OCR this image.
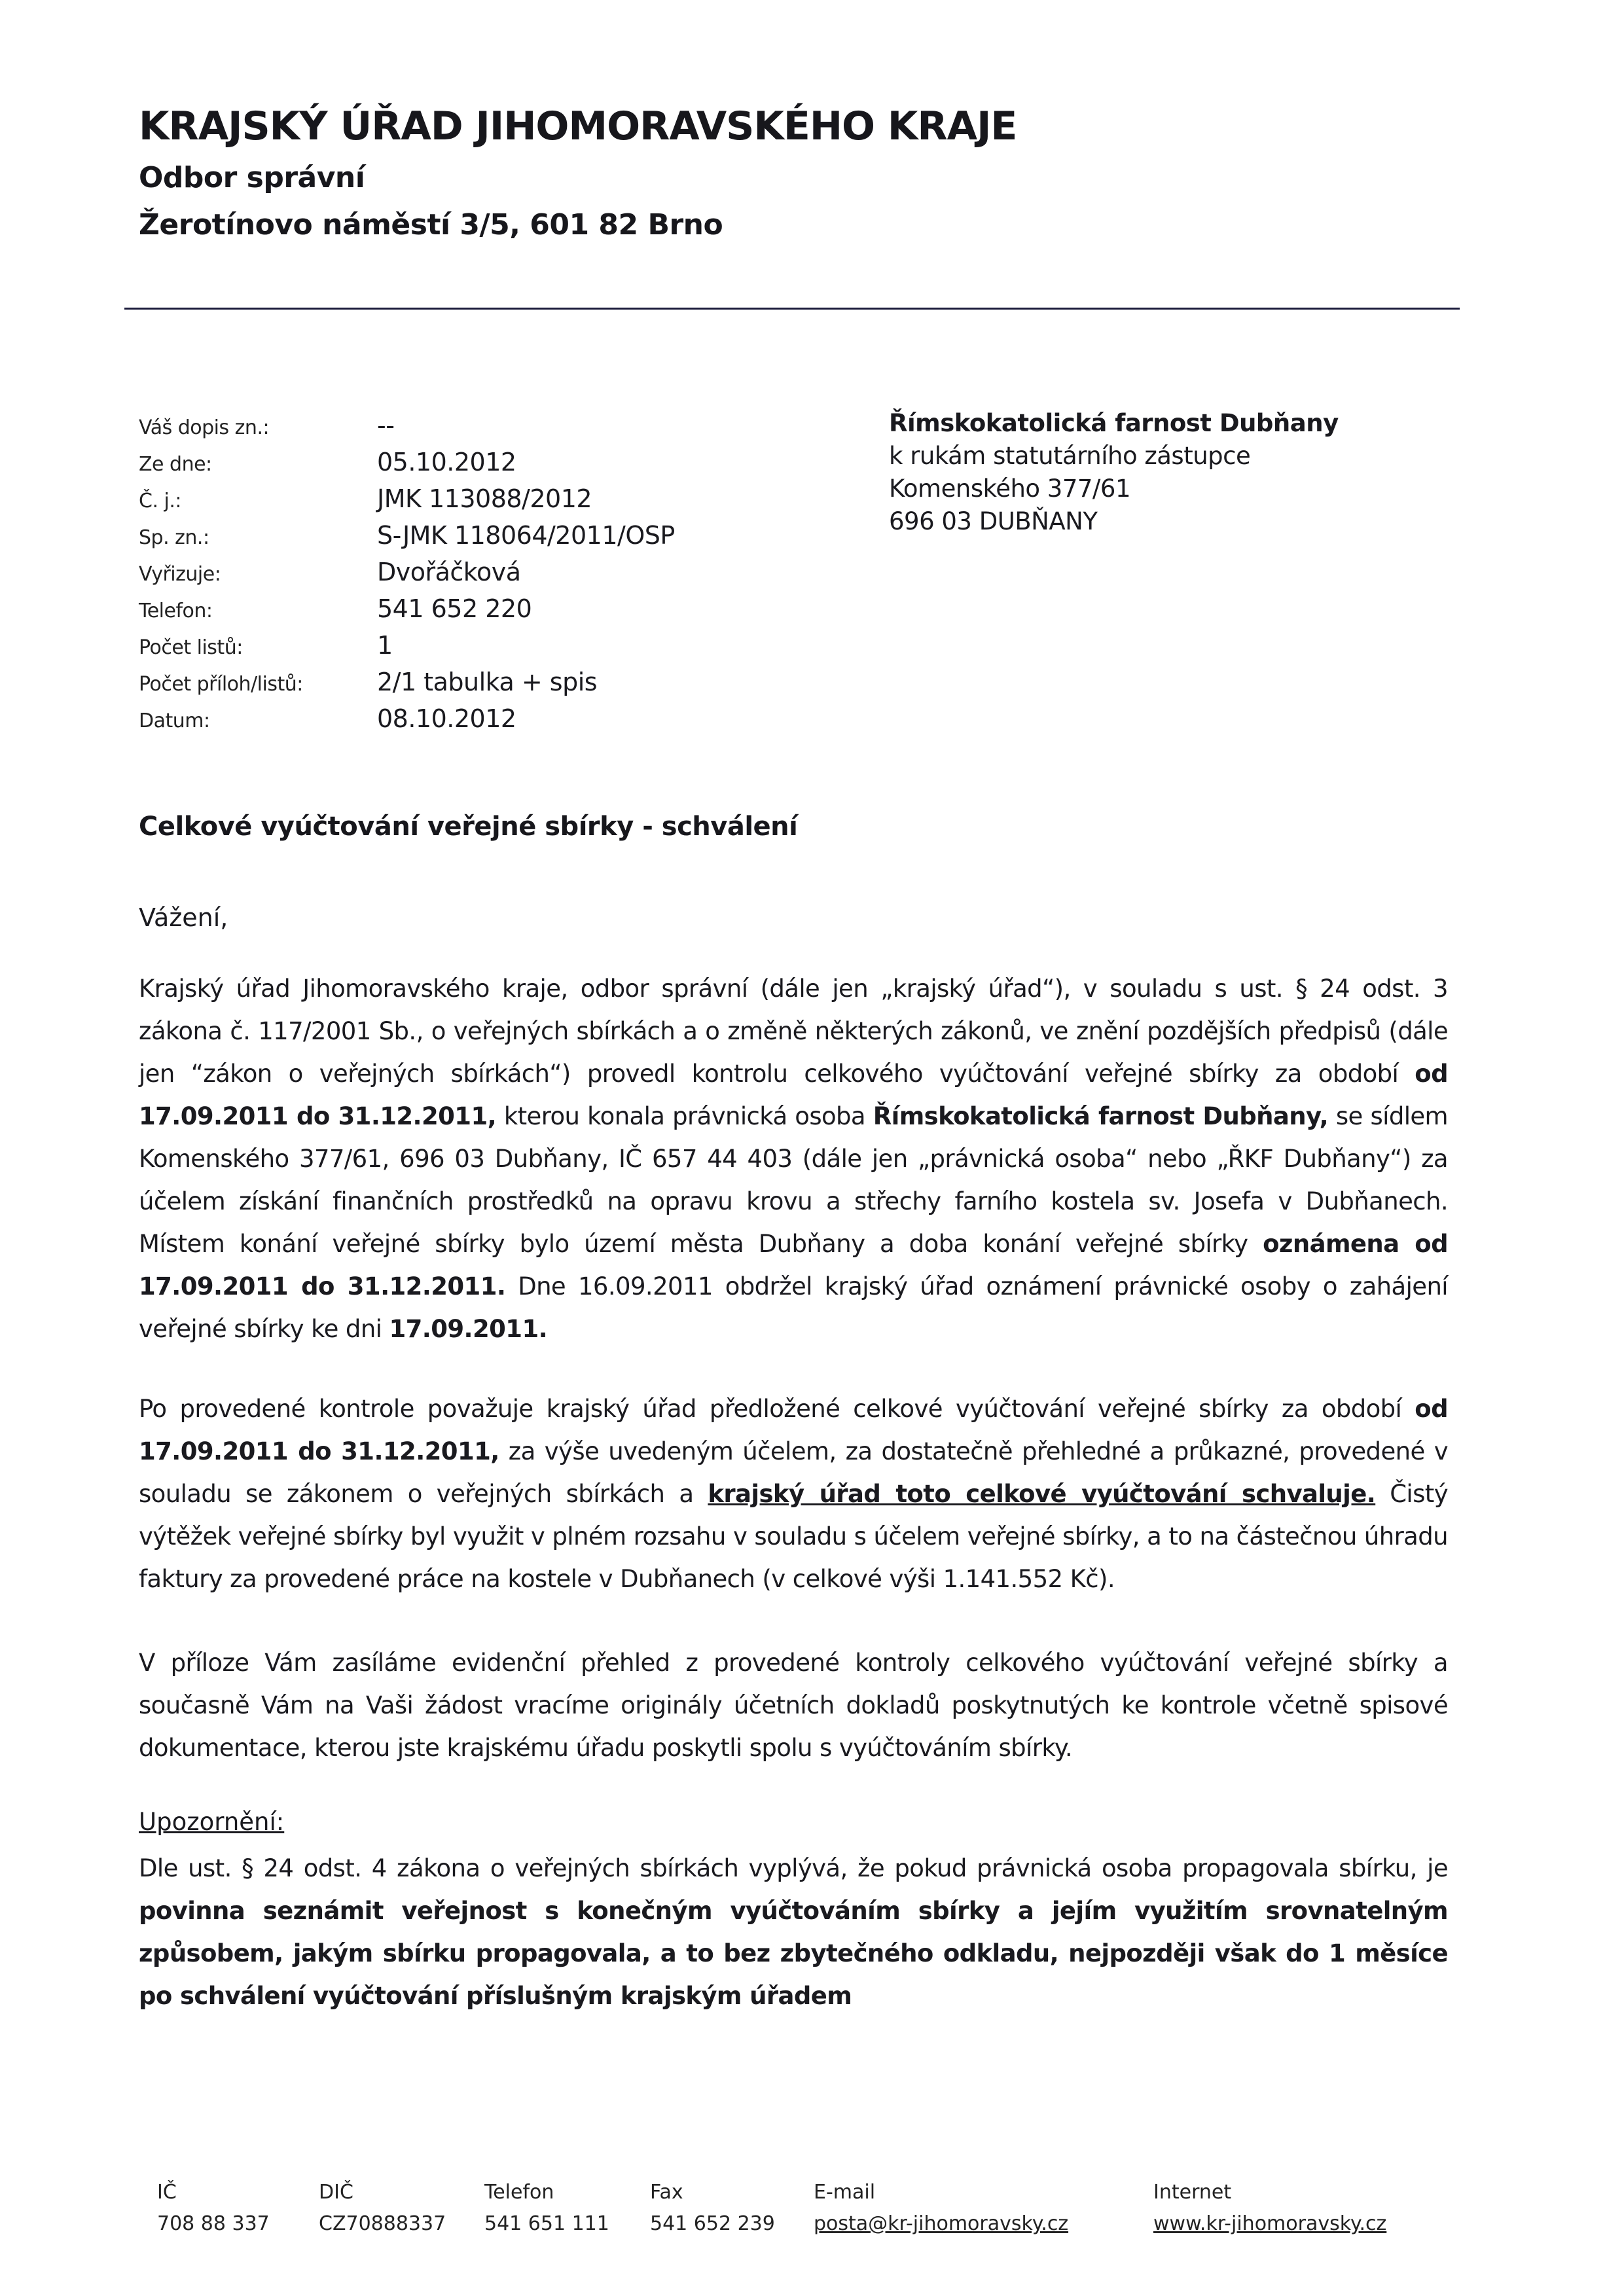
KRAJSKÝ ÚŘAD JIHOMORAVSKÉHO KRAJE
Odbor správní
Žerotínovo náměstí 3/5, 601 82 Brno
Váš dopis zn.:	--
Ze dne:	05.10.2012
Č. j.:	JMK 113088/2012
Sp. zn.:	S-JMK 118064/2011/OSP
Vyřizuje:	Dvořáčková
Telefon:	541 652 220
Počet listů:	1
Počet příloh/listů:	2/1 tabulka + spis
Datum:	08.10.2012
Římskokatolická farnost Dubňany
k rukám statutárního zástupce
Komenského 377/61
696 03 DUBŇANY
Celkové vyúčtování veřejné sbírky - schválení
Vážení,
Krajský úřad Jihomoravského kraje, odbor správní (dále jen „krajský úřad“), v souladu s ust. § 24 odst. 3 zákona č. 117/2001 Sb., o veřejných sbírkách a o změně některých zákonů, ve znění pozdějších předpisů (dále jen “zákon o veřejných sbírkách“) provedl kontrolu celkového vyúčtování veřejné sbírky za období od 17.09.2011 do 31.12.2011, kterou konala právnická osoba Římskokatolická farnost Dubňany, se sídlem Komenského 377/61, 696 03 Dubňany, IČ 657 44 403 (dále jen „právnická osoba“ nebo „ŘKF Dubňany“) za účelem získání finančních prostředků na opravu krovu a střechy farního kostela sv. Josefa v Dubňanech. Místem konání veřejné sbírky bylo území města Dubňany a doba konání veřejné sbírky oznámena od 17.09.2011 do 31.12.2011. Dne 16.09.2011 obdržel krajský úřad oznámení právnické osoby o zahájení veřejné sbírky ke dni 17.09.2011.
Po provedené kontrole považuje krajský úřad předložené celkové vyúčtování veřejné sbírky za období od 17.09.2011 do 31.12.2011, za výše uvedeným účelem, za dostatečně přehledné a průkazné, provedené v souladu se zákonem o veřejných sbírkách a krajský úřad toto celkové vyúčtování schvaluje. Čistý výtěžek veřejné sbírky byl využit v plném rozsahu v souladu s účelem veřejné sbírky, a to na částečnou úhradu faktury za provedené práce na kostele v Dubňanech (v celkové výši 1.141.552 Kč).
V příloze Vám zasíláme evidenční přehled z provedené kontroly celkového vyúčtování veřejné sbírky a současně Vám na Vaši žádost vracíme originály účetních dokladů poskytnutých ke kontrole včetně spisové dokumentace, kterou jste krajskému úřadu poskytli spolu s vyúčtováním sbírky.
Upozornění:
Dle ust. § 24 odst. 4 zákona o veřejných sbírkách vyplývá, že pokud právnická osoba propagovala sbírku, je povinna seznámit veřejnost s konečným vyúčtováním sbírky a jejím využitím srovnatelným způsobem, jakým sbírku propagovala, a to bez zbytečného odkladu, nejpozději však do 1 měsíce po schválení vyúčtování příslušným krajským úřadem
IČ
708 88 337
DIČ
CZ70888337
Telefon
541 651 111
Fax
541 652 239
E-mail
posta@kr-jihomoravsky.cz
Internet
www.kr-jihomoravsky.cz
